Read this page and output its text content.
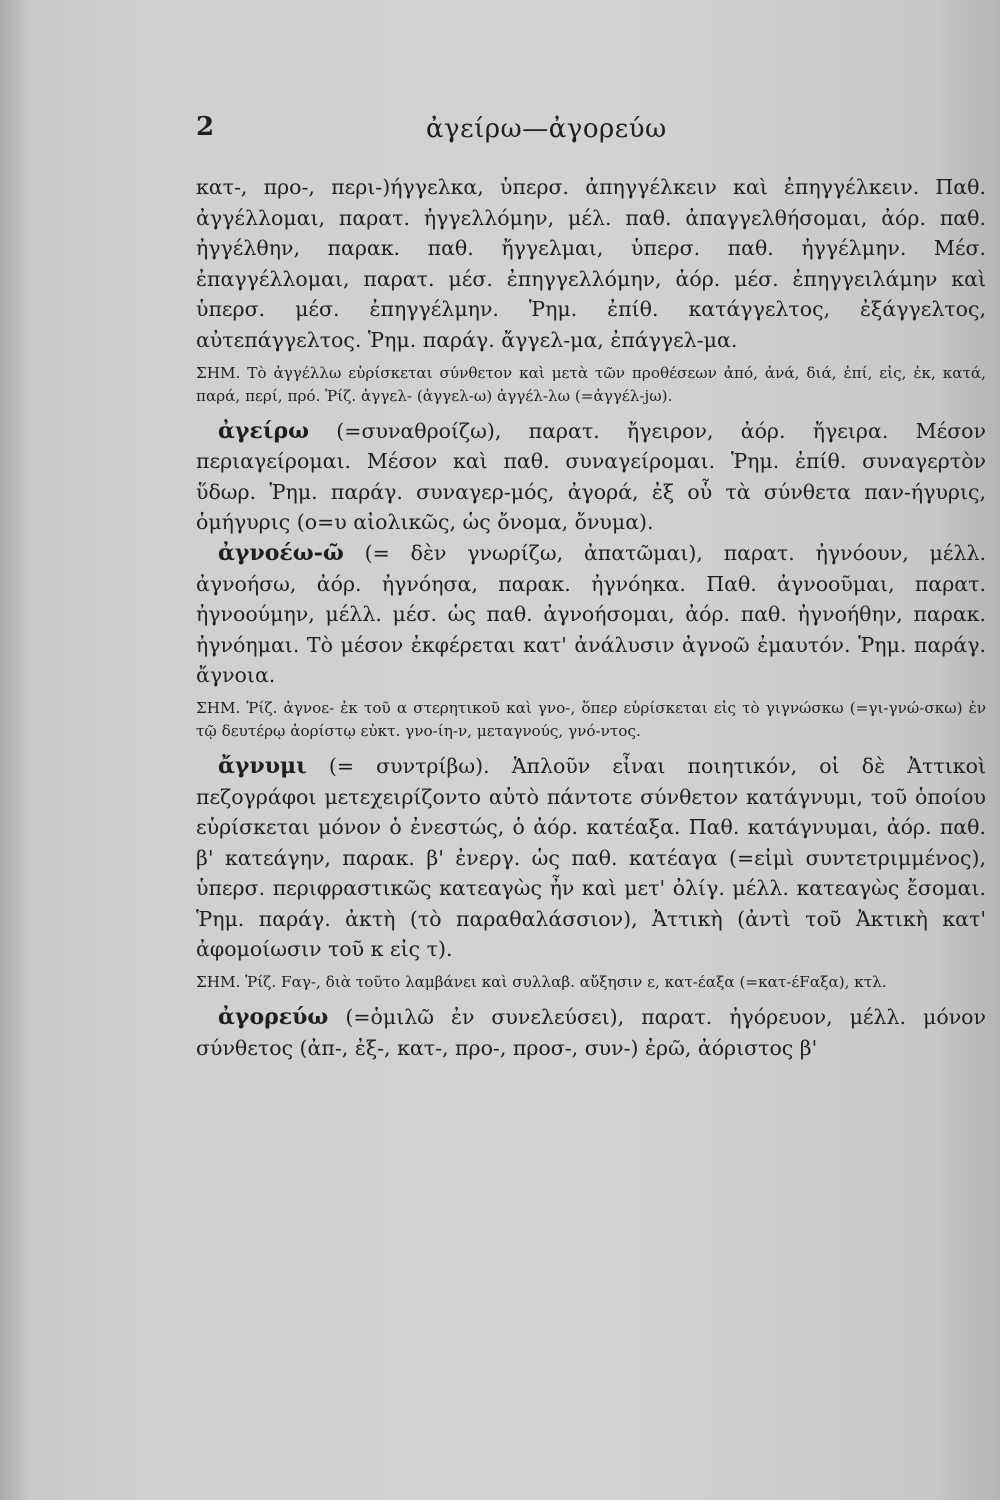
2	ἀγείρω—ἀγορεύω

κατ-, προ-, περι-)ήγγελκα, ὑπερσ. ἀπηγγέλκειν καὶ ἐπηγγέλκειν. Παθ. ἀγγέλλομαι, παρατ. ἠγγελλόμην, μέλ. παθ. ἀπαγγελθήσομαι, ἀόρ. παθ. ἠγγέλθην, παρακ. παθ. ἤγγελμαι, ὑπερσ. παθ. ἠγγέλμην. Μέσ. ἐπαγγέλλομαι, παρατ. μέσ. ἐπηγγελλόμην, ἀόρ. μέσ. ἐπηγγειλάμην καὶ ὑπερσ. μέσ. ἐπηγγέλμην. Ῥημ. ἐπίθ. κατάγγελτος, ἐξάγγελτος, αὐτεπάγγελτος. Ῥημ. παράγ. ἄγγελ-μα, ἐπάγγελ-μα.

ΣΗΜ. Τὸ ἀγγέλλω εὑρίσκεται σύνθετον καὶ μετὰ τῶν προθέσεων ἀπό, ἀνά, διά, ἐπί, εἰς, ἐκ, κατά, παρά, περί, πρό. Ῥίζ. ἀγγελ- (ἀγγελ-ω) ἀγγέλ-λω (=ἀγγέλ-jω).

ἀγείρω (=συναθροίζω), παρατ. ἤγειρον, ἀόρ. ἤγειρα. Μέσον περιαγείρομαι. Μέσον καὶ παθ. συναγείρομαι. Ῥημ. ἐπίθ. συναγερτὸν ὕδωρ. Ῥημ. παράγ. συναγερ-μός, ἀγορά, ἐξ οὗ τὰ σύνθετα παν-ήγυρις, ὁμήγυρις (ο=υ αἰολικῶς, ὡς ὄνομα, ὄνυμα).

ἀγνοέω-ῶ (= δὲν γνωρίζω, ἀπατῶμαι), παρατ. ἠγνόουν, μέλλ. ἀγνοήσω, ἀόρ. ἠγνόησα, παρακ. ἠγνόηκα. Παθ. ἀγνοοῦμαι, παρατ. ἠγνοούμην, μέλλ. μέσ. ὡς παθ. ἀγνοήσομαι, ἀόρ. παθ. ἠγνοήθην, παρακ. ἠγνόημαι. Τὸ μέσον ἐκφέρεται κατ' ἀνάλυσιν ἀγνοῶ ἐμαυτόν. Ῥημ. παράγ. ἄγνοια.

ΣΗΜ. Ῥίζ. ἀγνοε- ἐκ τοῦ α στερητικοῦ καὶ γνο-, ὅπερ εὑρίσκεται εἰς τὸ γιγνώσκω (=γι-γνώ-σκω) ἐν τῷ δευτέρῳ ἀορίστῳ εὐκτ. γνο-ίη-ν, μεταγνούς, γνό-ντος.

ἄγνυμι (= συντρίβω). Ἁπλοῦν εἶναι ποιητικόν, οἱ δὲ Ἀττικοὶ πεζογράφοι μετεχειρίζοντο αὐτὸ πάντοτε σύνθετον κατάγνυμι, τοῦ ὁποίου εὑρίσκεται μόνον ὁ ἐνεστώς, ὁ ἀόρ. κατέαξα. Παθ. κατάγνυμαι, ἀόρ. παθ. β' κατεάγην, παρακ. β' ἐνεργ. ὡς παθ. κατέαγα (=εἰμὶ συντετριμμένος), ὑπερσ. περιφραστικῶς κατεαγὼς ἦν καὶ μετ' ὀλίγ. μέλλ. κατεαγὼς ἔσομαι. Ῥημ. παράγ. ἀκτὴ (τὸ παραθαλάσσιον), Ἀττικὴ (ἀντὶ τοῦ Ἀκτικὴ κατ' ἀφομοίωσιν τοῦ κ εἰς τ).

ΣΗΜ. Ῥίζ. Fαγ-, διὰ τοῦτο λαμβάνει καὶ συλλαβ. αὔξησιν ε, κατ-έαξα (=κατ-έFαξα), κτλ.

ἀγορεύω (=ὁμιλῶ ἐν συνελεύσει), παρατ. ἠγόρευον, μέλλ. μόνον σύνθετος (ἀπ-, ἐξ-, κατ-, προ-, προσ-, συν-) ἐρῶ, ἀόριστος β'
